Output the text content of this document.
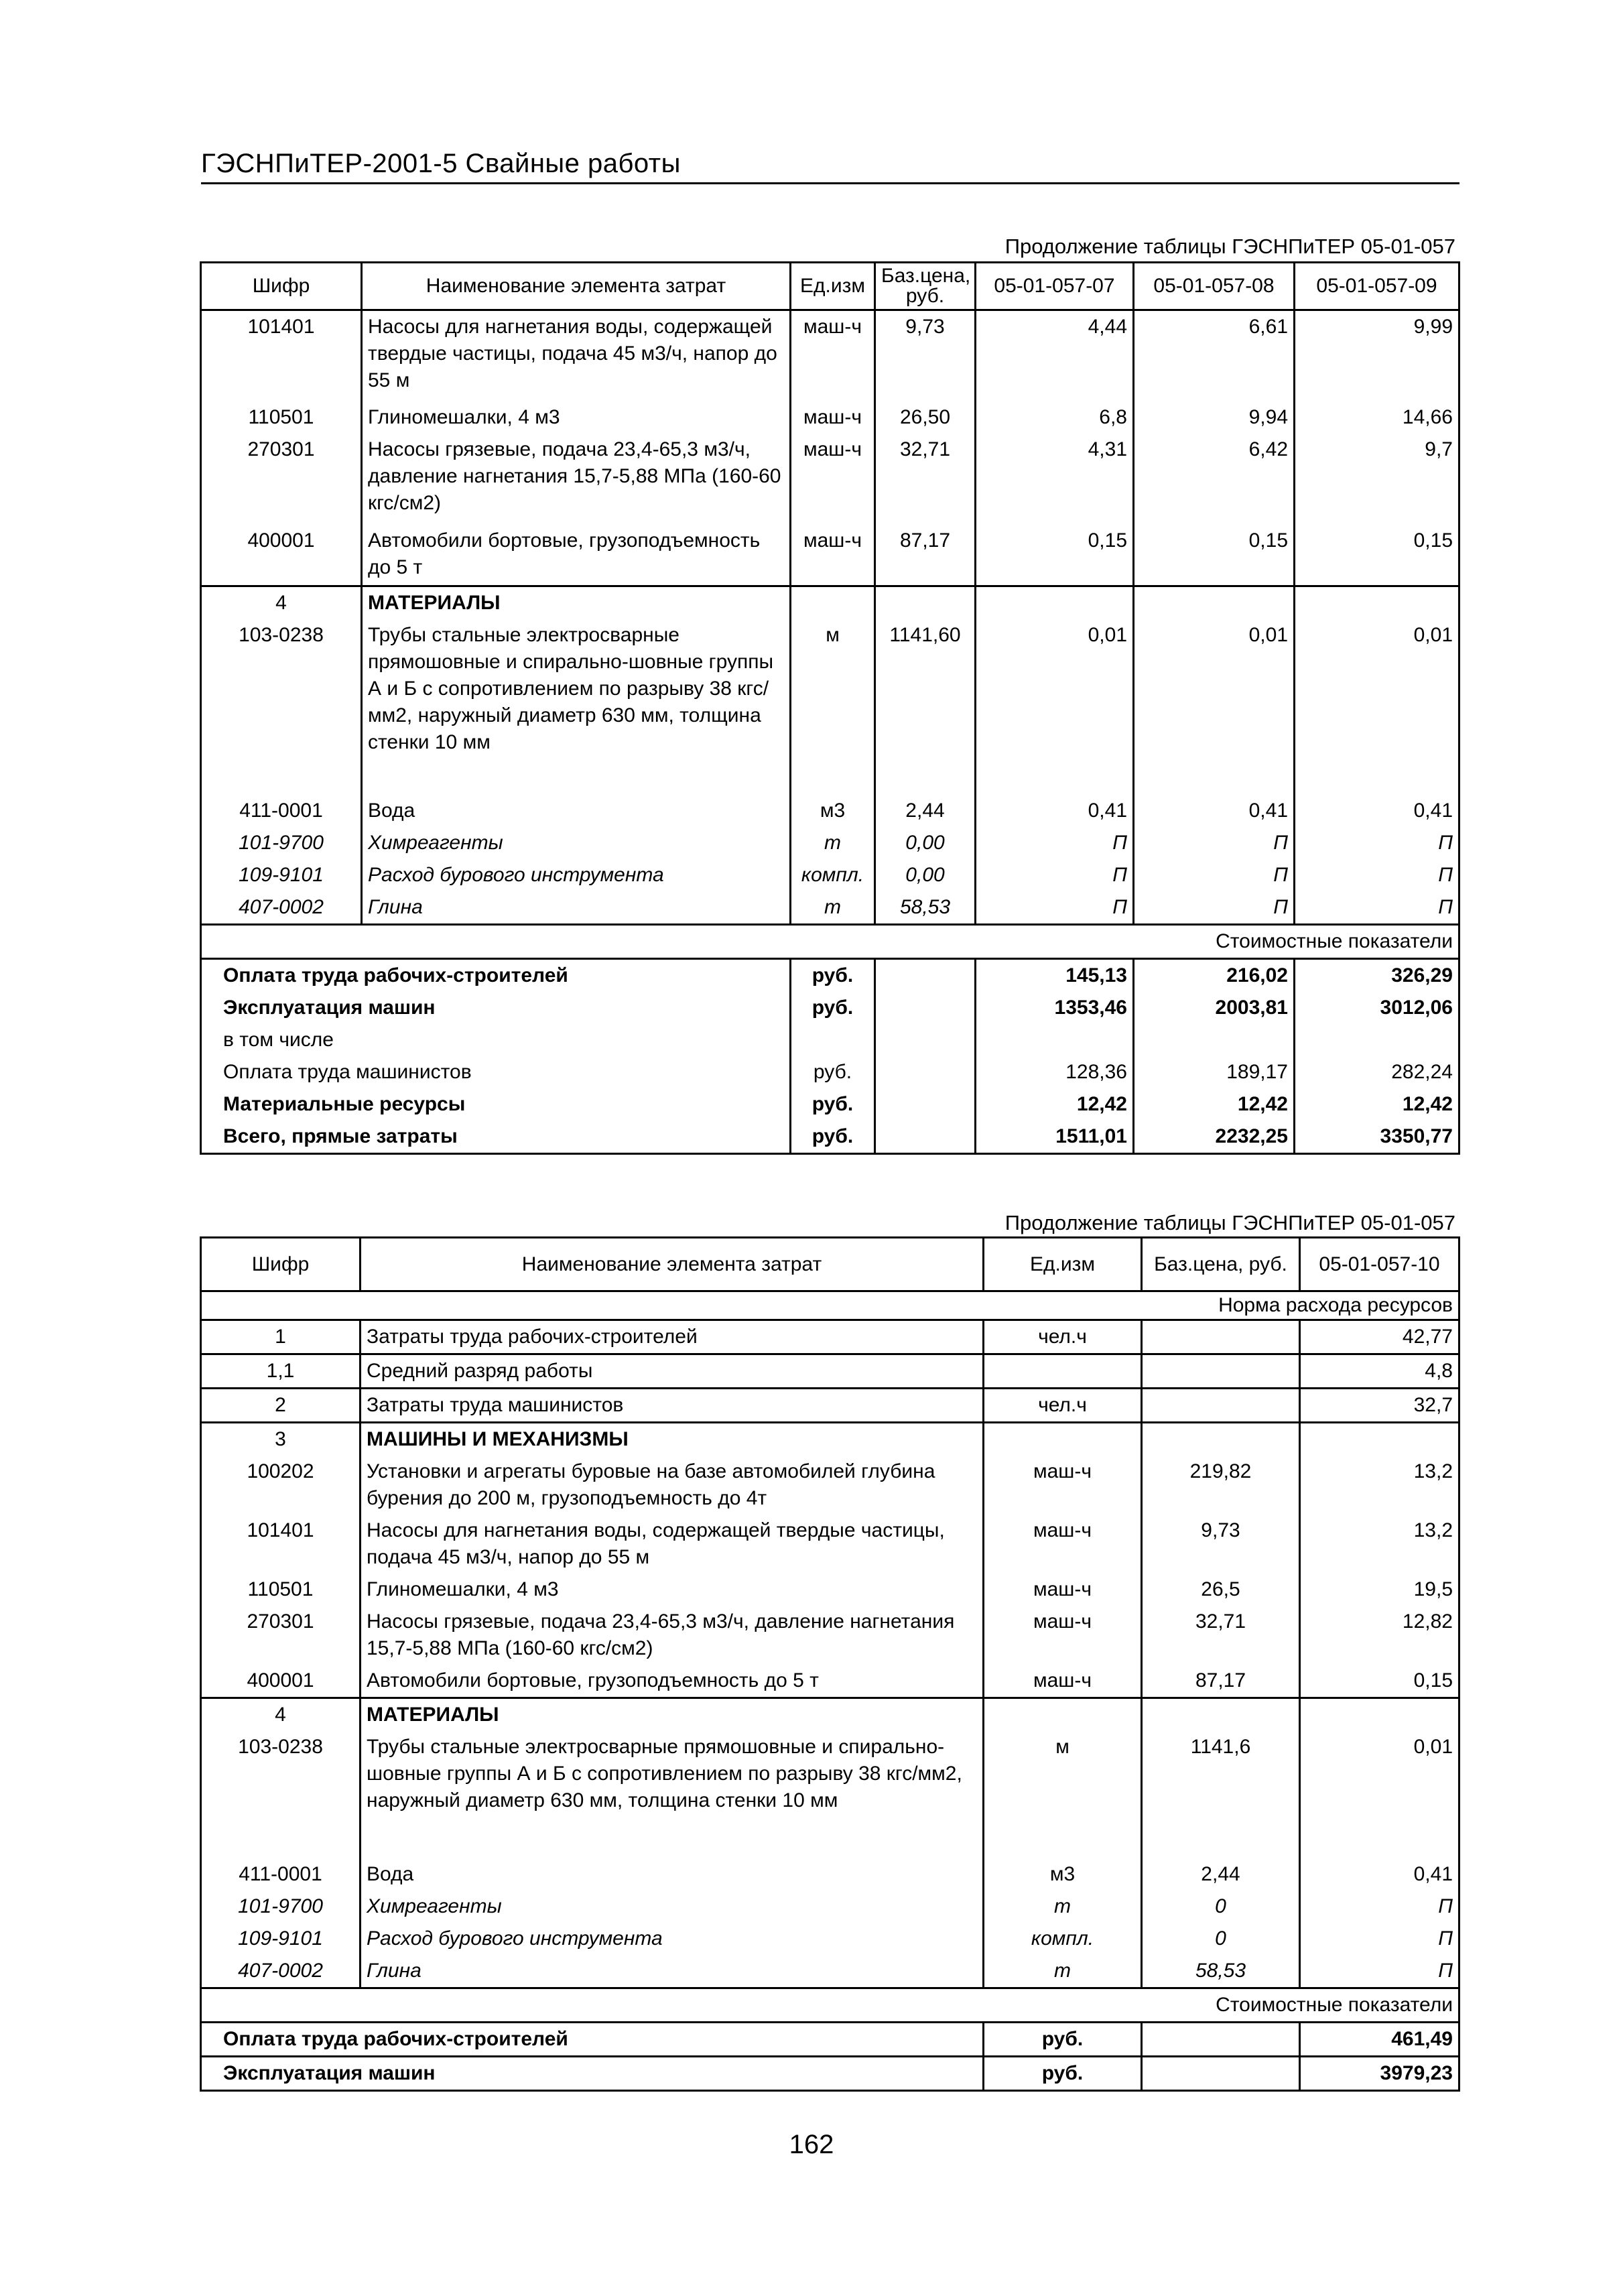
ГЭСНПиТЕР-2001-5 Свайные работы
Продолжение таблицы ГЭСНПиТЕР 05-01-057
Шифр	Наименование элемента затрат	Ед.изм	Баз.цена, руб.	05-01-057-07	05-01-057-08	05-01-057-09
101401	Насосы для нагнетания воды, содержащей твердые частицы, подача 45 м3/ч, напор до 55 м	маш-ч	9,73	4,44	6,61	9,99
110501	Глиномешалки, 4 м3	маш-ч	26,50	6,8	9,94	14,66
270301	Насосы грязевые, подача 23,4-65,3 м3/ч, давление нагнетания 15,7-5,88 МПа (160-60 кгс/см2)	маш-ч	32,71	4,31	6,42	9,7
400001	Автомобили бортовые, грузоподъемность до 5 т	маш-ч	87,17	0,15	0,15	0,15
4	МАТЕРИАЛЫ					
103-0238	Трубы стальные электросварные прямошовные и спирально-шовные группы А и Б с сопротивлением по разрыву 38 кгс/мм2, наружный диаметр 630 мм, толщина стенки 10 мм	м	1141,60	0,01	0,01	0,01
411-0001	Вода	м3	2,44	0,41	0,41	0,41
101-9700	Химреагенты	т	0,00	П	П	П
109-9101	Расход бурового инструмента	компл.	0,00	П	П	П
407-0002	Глина	т	58,53	П	П	П
Стоимостные показатели						
Оплата труда рабочих-строителей		руб.		145,13	216,02	326,29
Эксплуатация машин		руб.		1353,46	2003,81	3012,06
в том числе						
Оплата труда машинистов		руб.		128,36	189,17	282,24
Материальные ресурсы		руб.		12,42	12,42	12,42
Всего, прямые затраты		руб.		1511,01	2232,25	3350,77
Продолжение таблицы ГЭСНПиТЕР 05-01-057
Шифр	Наименование элемента затрат	Ед.изм	Баз.цена, руб.	05-01-057-10
Норма расхода ресурсов				
1	Затраты труда рабочих-строителей	чел.ч		42,77
1,1	Средний разряд работы			4,8
2	Затраты труда машинистов	чел.ч		32,7
3	МАШИНЫ И МЕХАНИЗМЫ			
100202	Установки и агрегаты буровые на базе автомобилей глубина бурения до 200 м, грузоподъемность до 4т	маш-ч	219,82	13,2
101401	Насосы для нагнетания воды, содержащей твердые частицы, подача 45 м3/ч, напор до 55 м	маш-ч	9,73	13,2
110501	Глиномешалки, 4 м3	маш-ч	26,5	19,5
270301	Насосы грязевые, подача 23,4-65,3 м3/ч, давление нагнетания 15,7-5,88 МПа (160-60 кгс/см2)	маш-ч	32,71	12,82
400001	Автомобили бортовые, грузоподъемность до 5 т	маш-ч	87,17	0,15
4	МАТЕРИАЛЫ			
103-0238	Трубы стальные электросварные прямошовные и спирально-шовные группы А и Б с сопротивлением по разрыву 38 кгс/мм2, наружный диаметр 630 мм, толщина стенки 10 мм	м	1141,6	0,01
411-0001	Вода	м3	2,44	0,41
101-9700	Химреагенты	т	0	П
109-9101	Расход бурового инструмента	компл.	0	П
407-0002	Глина	т	58,53	П
Стоимостные показатели				
Оплата труда рабочих-строителей		руб.		461,49
Эксплуатация машин		руб.		3979,23
162
